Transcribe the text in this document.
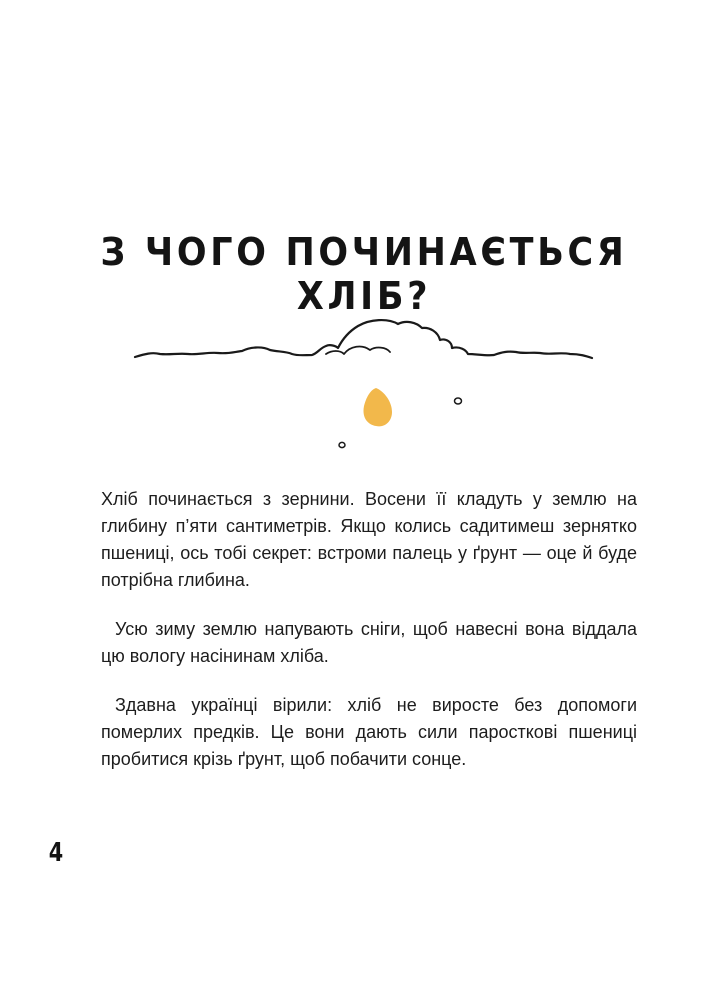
З ЧОГО ПОЧИНАЄТЬСЯ ХЛІБ?

Хліб починається з зернини. Восени її кладуть у землю на глибину п’яти сантиметрів. Якщо колись садитимеш зернятко пшениці, ось тобі секрет: встроми палець у ґрунт — оце й буде потрібна глибина.

Усю зиму землю напувають сніги, щоб навесні вона віддала цю вологу насінинам хліба.

Здавна українці вірили: хліб не виросте без допомоги померлих предків. Це вони дають сили паросткові пшениці пробитися крізь ґрунт, щоб побачити сонце.

4
